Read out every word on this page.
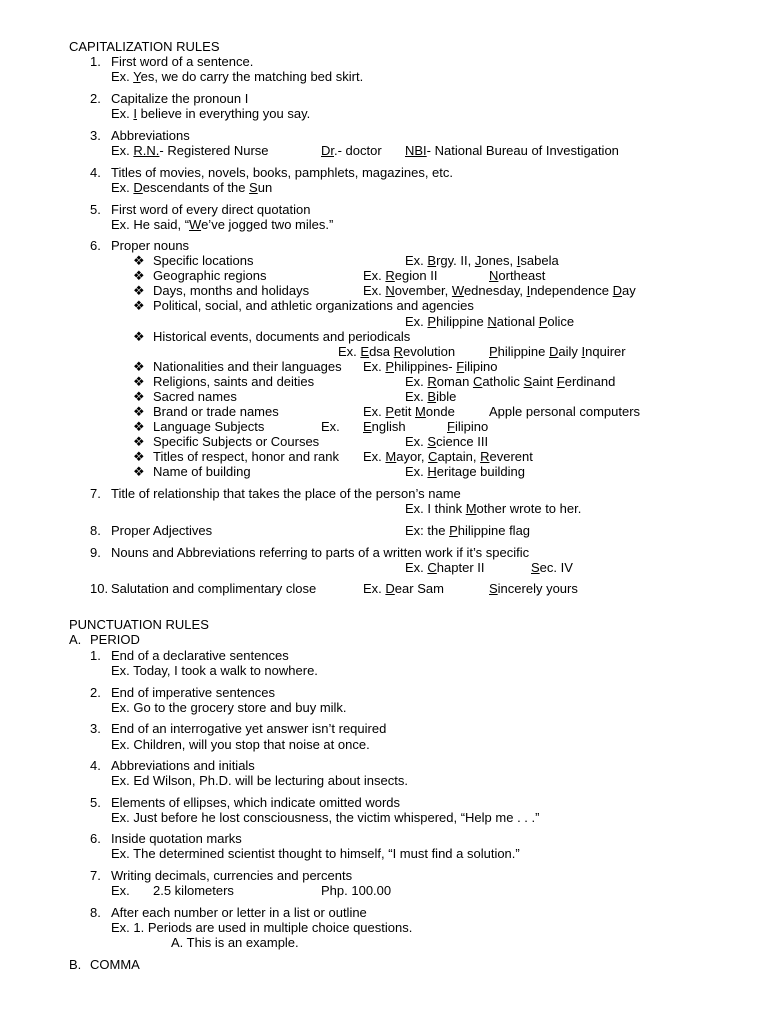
CAPITALIZATION RULES
1. First word of a sentence.
Ex. Yes, we do carry the matching bed skirt.
2. Capitalize the pronoun I
Ex. I believe in everything you say.
3. Abbreviations
Ex. R.N.- Registered Nurse	Dr.- doctor NBI- National Bureau of Investigation
4. Titles of movies, novels, books, pamphlets, magazines, etc.
Ex. Descendants of the Sun
5. First word of every direct quotation
Ex. He said, “We’ve jogged two miles.”
6. Proper nouns
❖ Specific locations	Ex. Brgy. II, Jones, Isabela
❖ Geographic regions	Ex. Region II	Northeast
❖ Days, months and holidays	Ex. November, Wednesday, Independence Day
❖ Political, social, and athletic organizations and agencies
Ex. Philippine National Police
❖ Historical events, documents and periodicals
Ex. Edsa Revolution	Philippine Daily Inquirer
❖ Nationalities and their languages Ex. Philippines- Filipino
❖ Religions, saints and deities	Ex. Roman Catholic Saint Ferdinand
❖ Sacred names	Ex. Bible
❖ Brand or trade names	Ex. Petit Monde	Apple personal computers
❖ Language Subjects	Ex. English	Filipino
❖ Specific Subjects or Courses	Ex. Science III
❖ Titles of respect, honor and rank Ex. Mayor, Captain, Reverent
❖ Name of building	Ex. Heritage building
7. Title of relationship that takes the place of the person’s name
Ex. I think Mother wrote to her.
8. Proper Adjectives	Ex: the Philippine flag
9. Nouns and Abbreviations referring to parts of a written work if it’s specific
Ex. Chapter II	Sec. IV
10. Salutation and complimentary close	Ex. Dear Sam	Sincerely yours
PUNCTUATION RULES
A. PERIOD
1. End of a declarative sentences
Ex. Today, I took a walk to nowhere.
2. End of imperative sentences
Ex. Go to the grocery store and buy milk.
3. End of an interrogative yet answer isn’t required
Ex. Children, will you stop that noise at once.
4. Abbreviations and initials
Ex. Ed Wilson, Ph.D. will be lecturing about insects.
5. Elements of ellipses, which indicate omitted words
Ex. Just before he lost consciousness, the victim whispered, “Help me . . .”
6. Inside quotation marks
Ex. The determined scientist thought to himself, “I must find a solution.”
7. Writing decimals, currencies and percents
Ex. 2.5 kilometers	Php. 100.00
8. After each number or letter in a list or outline
Ex. 1. Periods are used in multiple choice questions.
A. This is an example.
B. COMMA
